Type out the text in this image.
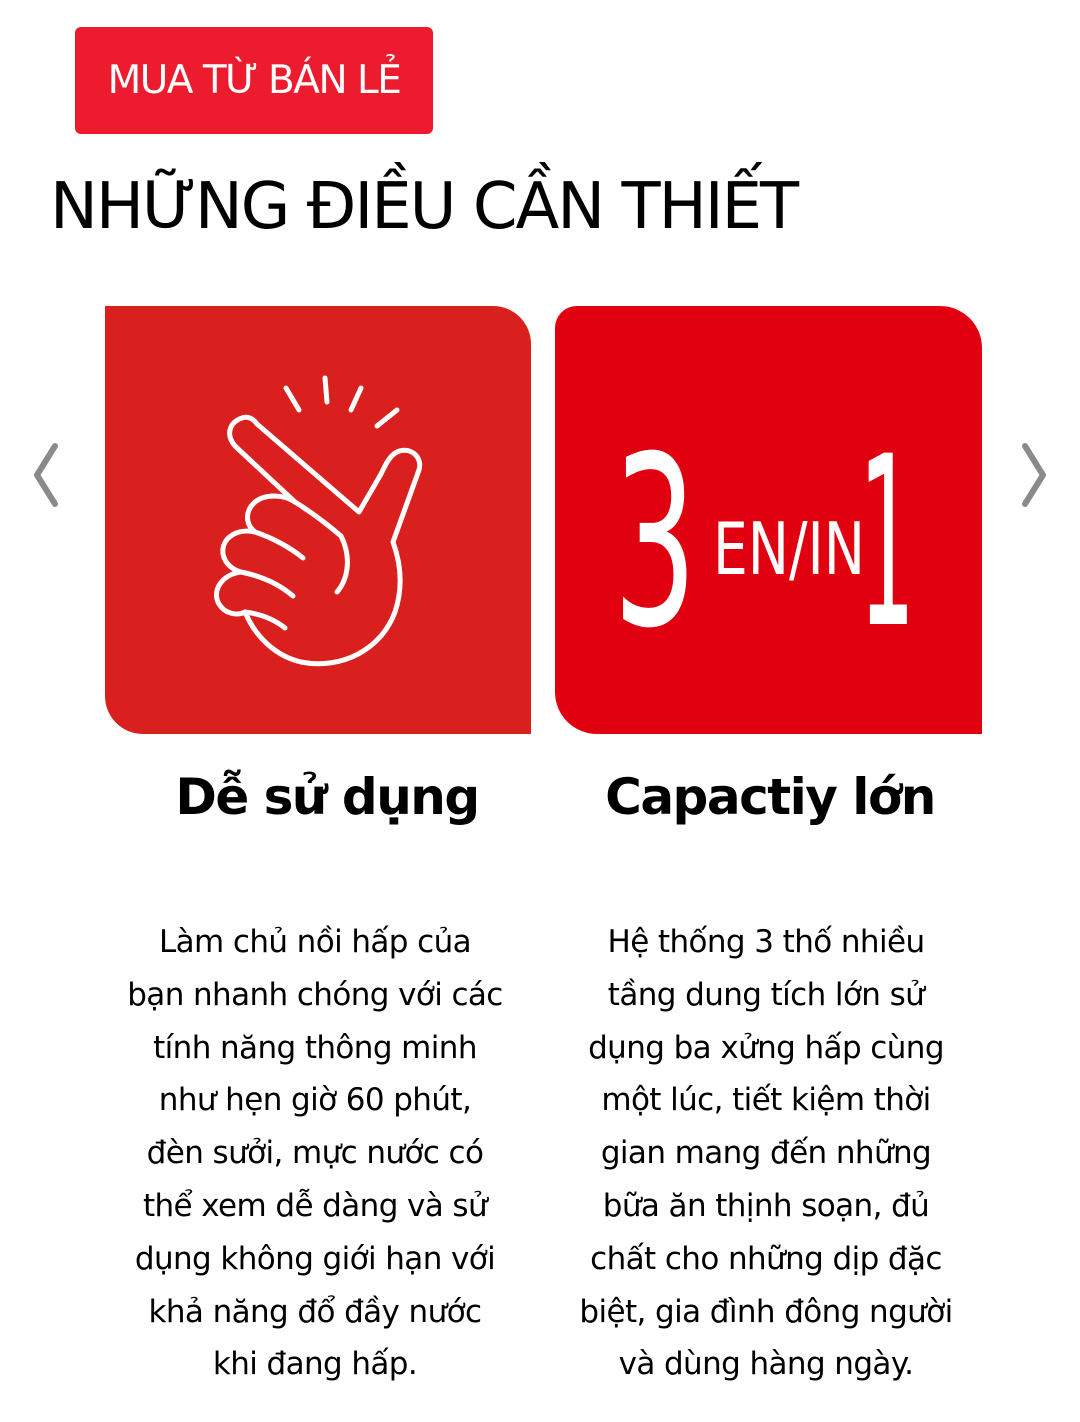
MUA TỪ BÁN LẺ
NHỮNG ĐIỀU CẦN THIẾT
3 EN/IN
1
Dễ sử dụng	Capactiy lớn

Làm chủ nồi hấp của
bạn nhanh chóng với các
tính năng thông minh
như hẹn giờ 60 phút,
đèn sưởi, mực nước có
thể xem dễ dàng và sử
dụng không giới hạn với
khả năng đổ đầy nước
khi đang hấp.

Hệ thống 3 thố nhiều
tầng dung tích lớn sử
dụng ba xửng hấp cùng
một lúc, tiết kiệm thời
gian mang đến những
bữa ăn thịnh soạn, đủ
chất cho những dịp đặc
biệt, gia đình đông người
và dùng hàng ngày.
